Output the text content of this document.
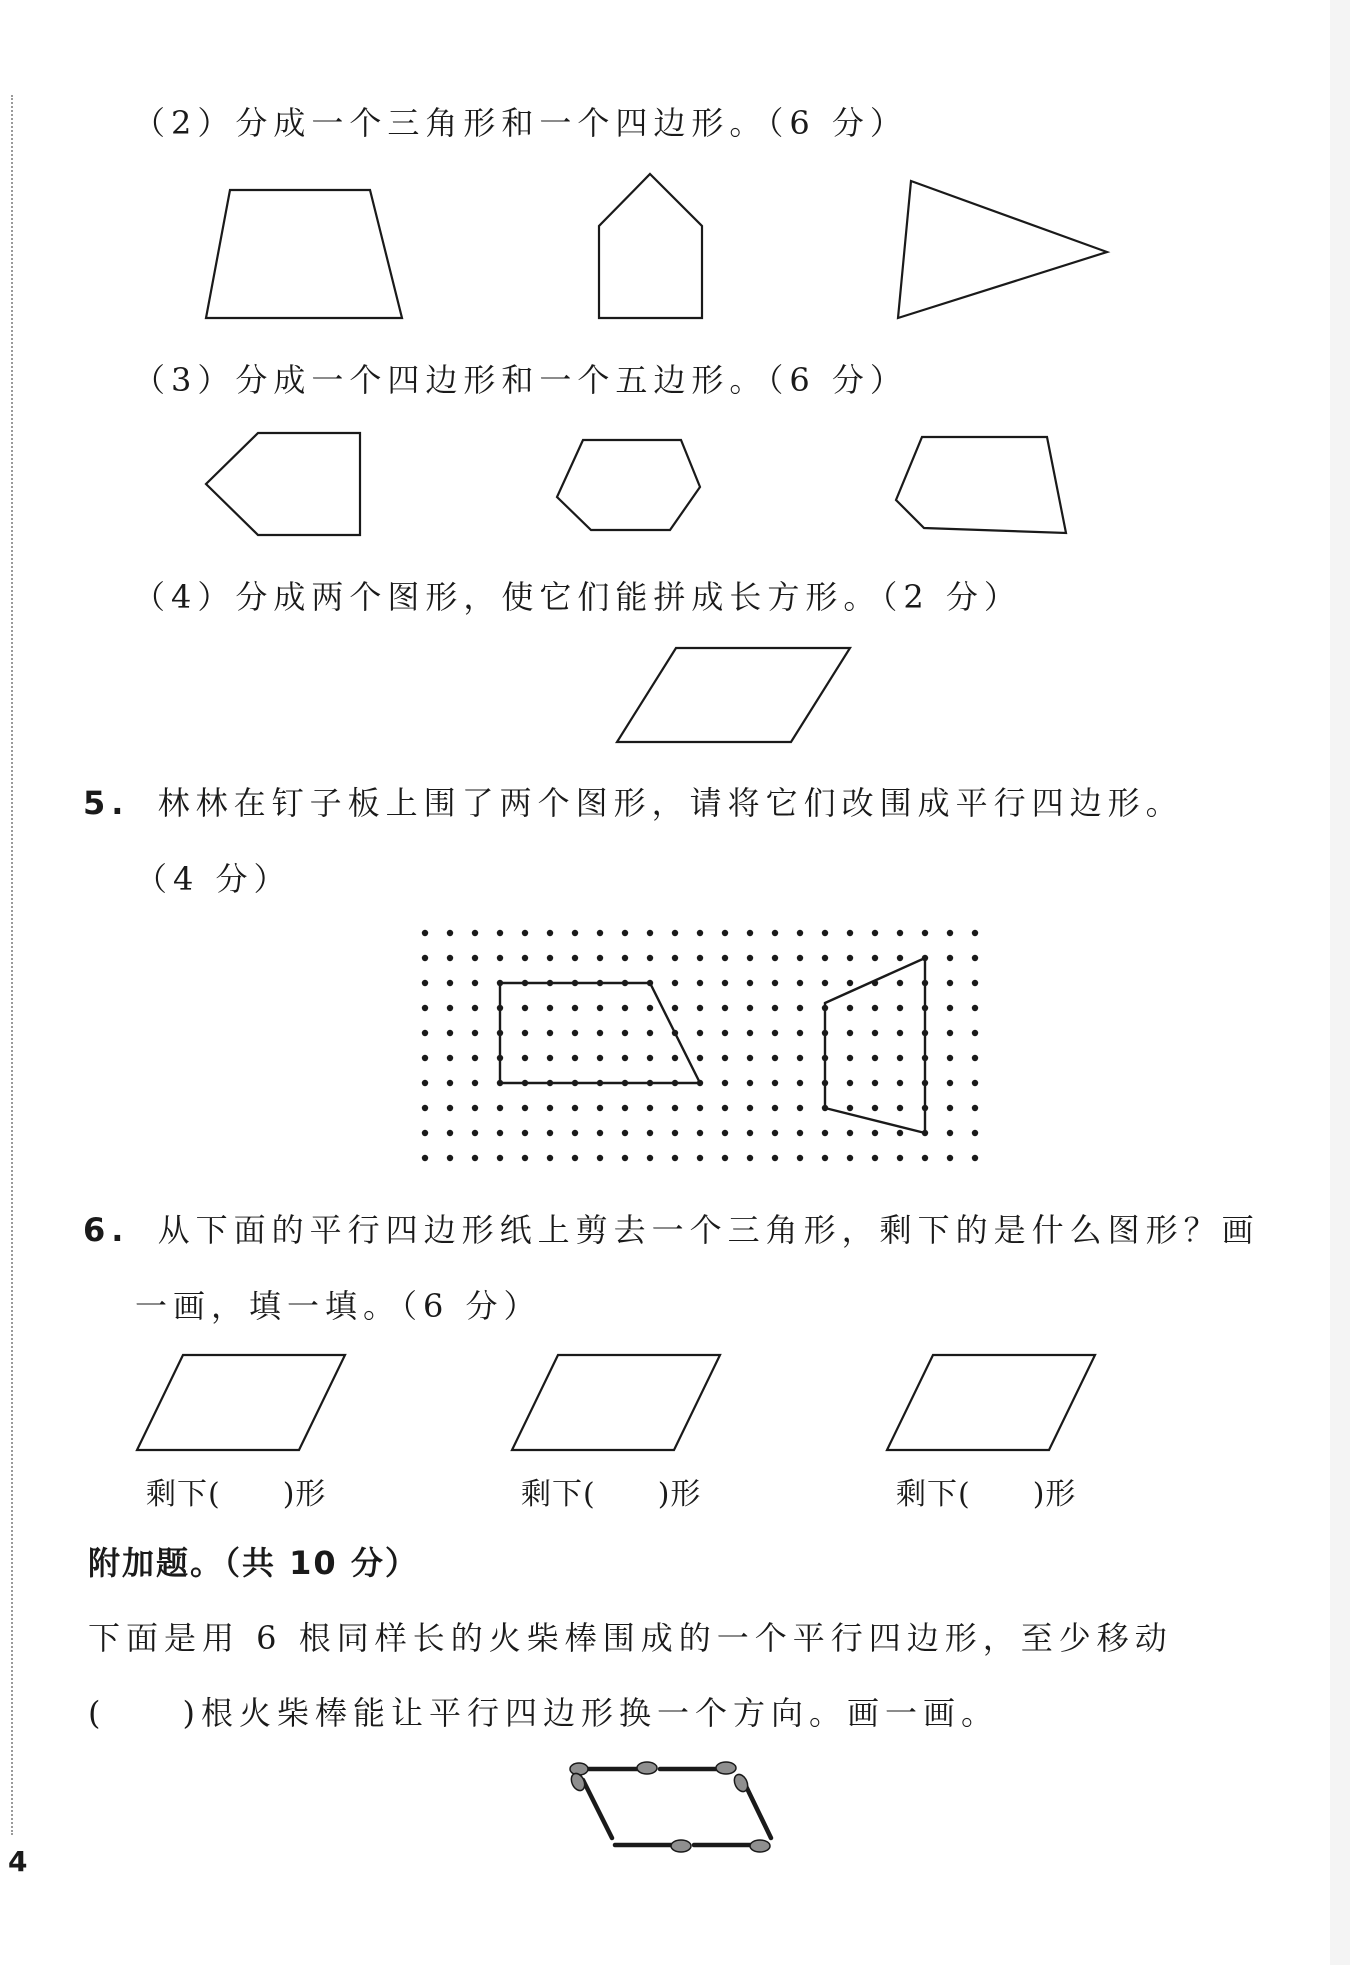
（2）分成一个三角形和一个四边形。（6 分）
（3）分成一个四边形和一个五边形。（6 分）
（4）分成两个图形，使它们能拼成长方形。（2 分）
5. 林林在钉子板上围了两个图形，请将它们改围成平行四边形。
（4 分）
6. 从下面的平行四边形纸上剪去一个三角形，剩下的是什么图形？画
一画，填一填。（6 分）
剩下(　　)形	剩下(　　)形	剩下(　　)形
附加题。（共 10 分）
下面是用 6 根同样长的火柴棒围成的一个平行四边形，至少移动
(　　)根火柴棒能让平行四边形换一个方向。画一画。
4
